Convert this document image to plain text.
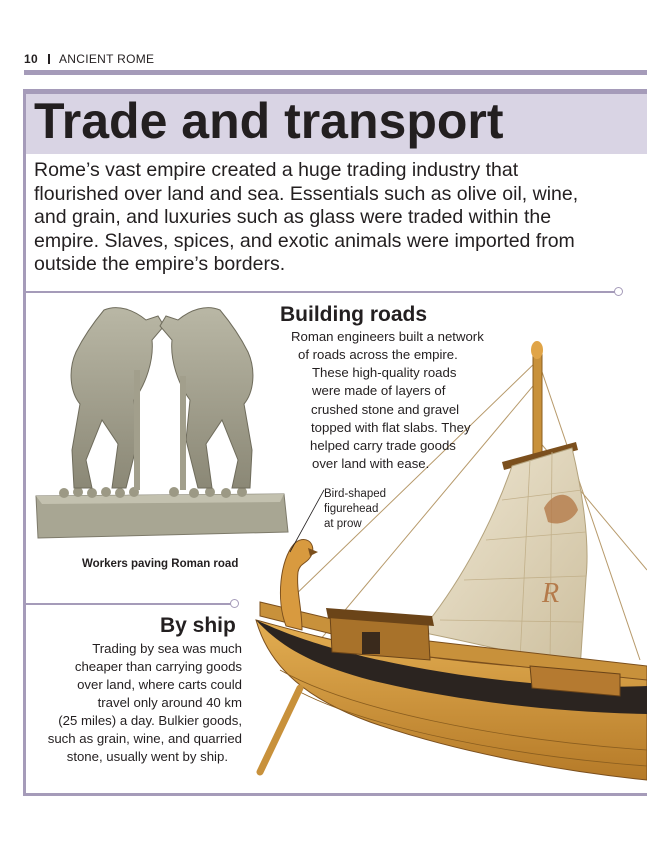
10 ANCIENT ROME
Trade and transport
Rome’s vast empire created a huge trading industry that flourished over land and sea. Essentials such as olive oil, wine, and grain, and luxuries such as glass were traded within the empire. Slaves, spices, and exotic animals were imported from outside the empire’s borders.
Workers paving Roman road
R
Building roads
Roman engineers built a network
of roads across the empire.
These high-quality roads
were made of layers of
crushed stone and gravel
topped with flat slabs. They
helped carry trade goods
over land with ease.
Bird-shaped
figurehead
at prow
By ship
Trading by sea was much
cheaper than carrying goods
over land, where carts could
travel only around 40 km
(25 miles) a day. Bulkier goods,
such as grain, wine, and quarried
stone, usually went by ship.
